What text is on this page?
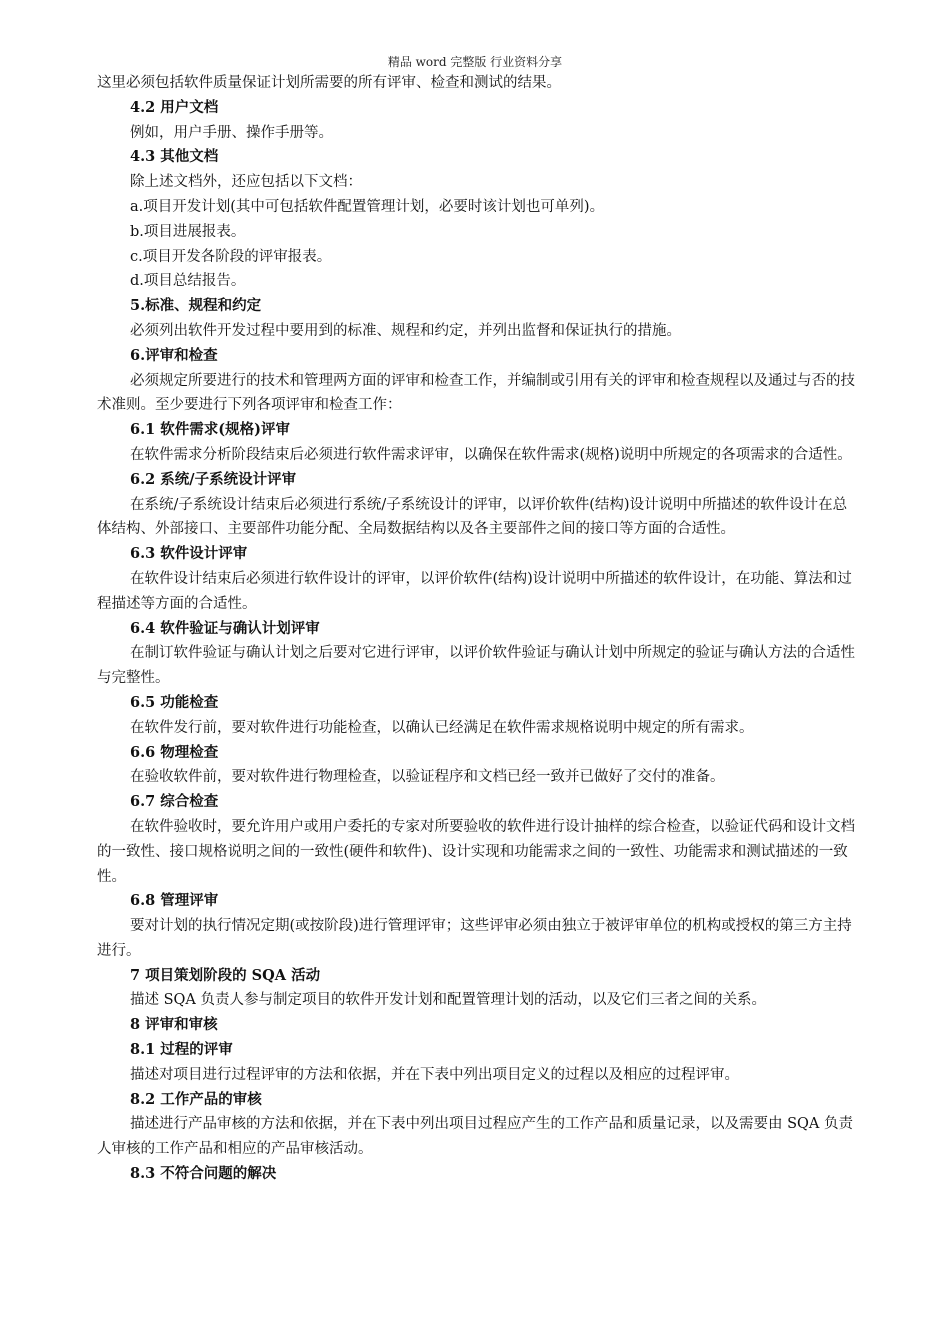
精品 word 完整版 行业资料分享

这里必须包括软件质量保证计划所需要的所有评审、检查和测试的结果。

4.2 用户文档

例如，用户手册、操作手册等。

4.3 其他文档

除上述文档外，还应包括以下文档：

a.项目开发计划(其中可包括软件配置管理计划，必要时该计划也可单列)。

b.项目进展报表。

c.项目开发各阶段的评审报表。

d.项目总结报告。

5.标准、规程和约定

必须列出软件开发过程中要用到的标准、规程和约定，并列出监督和保证执行的措施。

6.评审和检查

必须规定所要进行的技术和管理两方面的评审和检查工作，并编制或引用有关的评审和检查规程以及通过与否的技术准则。至少要进行下列各项评审和检查工作：

6.1 软件需求(规格)评审

在软件需求分析阶段结束后必须进行软件需求评审，以确保在软件需求(规格)说明中所规定的各项需求的合适性。

6.2 系统/子系统设计评审

在系统/子系统设计结束后必须进行系统/子系统设计的评审，以评价软件(结构)设计说明中所描述的软件设计在总体结构、外部接口、主要部件功能分配、全局数据结构以及各主要部件之间的接口等方面的合适性。

6.3 软件设计评审

在软件设计结束后必须进行软件设计的评审，以评价软件(结构)设计说明中所描述的软件设计，在功能、算法和过程描述等方面的合适性。

6.4 软件验证与确认计划评审

在制订软件验证与确认计划之后要对它进行评审，以评价软件验证与确认计划中所规定的验证与确认方法的合适性与完整性。

6.5 功能检查

在软件发行前，要对软件进行功能检查，以确认已经满足在软件需求规格说明中规定的所有需求。

6.6 物理检查

在验收软件前，要对软件进行物理检查，以验证程序和文档已经一致并已做好了交付的准备。

6.7 综合检查

在软件验收时，要允许用户或用户委托的专家对所要验收的软件进行设计抽样的综合检查，以验证代码和设计文档的一致性、接口规格说明之间的一致性(硬件和软件)、设计实现和功能需求之间的一致性、功能需求和测试描述的一致性。

6.8 管理评审

要对计划的执行情况定期(或按阶段)进行管理评审；这些评审必须由独立于被评审单位的机构或授权的第三方主持进行。

7 项目策划阶段的 SQA 活动

描述 SQA 负责人参与制定项目的软件开发计划和配置管理计划的活动，以及它们三者之间的关系。

8 评审和审核

8.1 过程的评审

描述对项目进行过程评审的方法和依据，并在下表中列出项目定义的过程以及相应的过程评审。

8.2 工作产品的审核

描述进行产品审核的方法和依据，并在下表中列出项目过程应产生的工作产品和质量记录，以及需要由 SQA 负责人审核的工作产品和相应的产品审核活动。

8.3 不符合问题的解决
